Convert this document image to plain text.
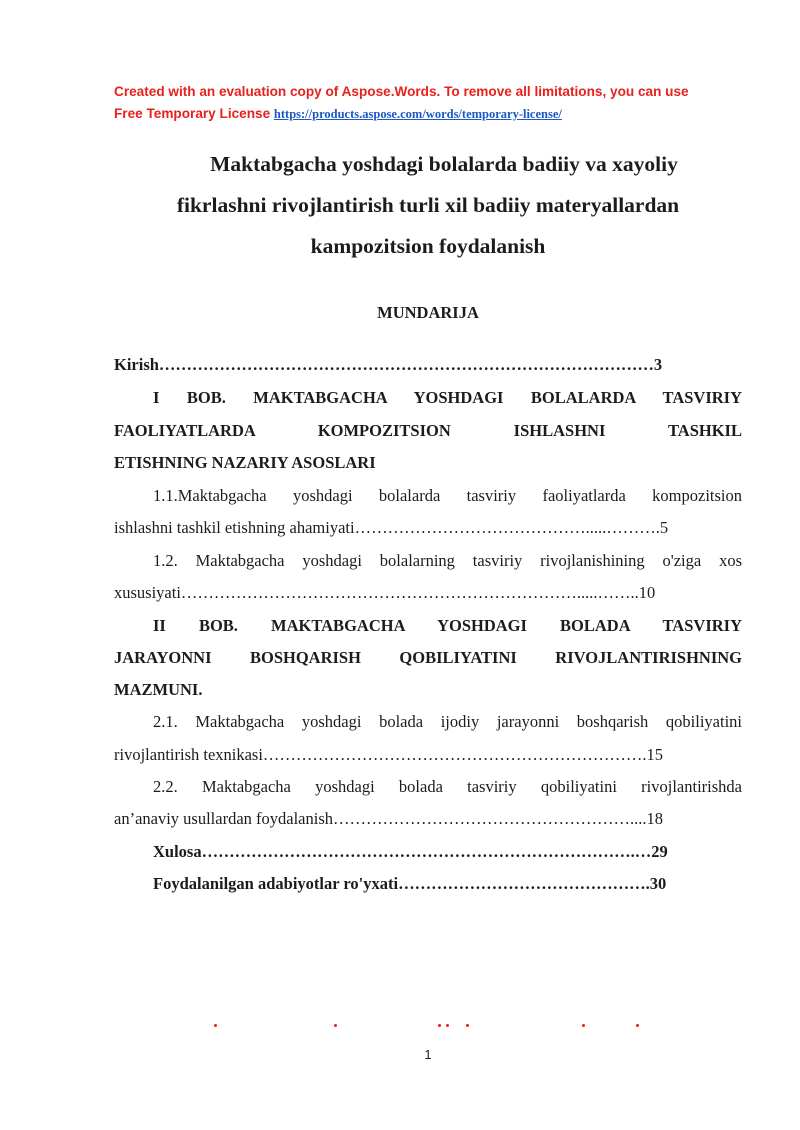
Created with an evaluation copy of Aspose.Words. To remove all limitations, you can use
Free Temporary License https://products.aspose.com/words/temporary-license/
Maktabgacha yoshdagi bolalarda badiiy va xayoliy
fikrlashni rivojlantirish turli xil badiiy materyallardan
kampozitsion foydalanish
MUNDARIJA
Kirish………………………………………………………………………………3
I BOB. MAKTABGACHA YOSHDAGI BOLALARDA TASVIRIY
FAOLIYATLARDA KOMPOZITSION ISHLASHNI TASHKIL
ETISHNING NAZARIY ASOSLARI
1.1.Maktabgacha yoshdagi bolalarda tasviriy faoliyatlarda kompozitsion
ishlashni tashkil etishning ahamiyati…………………………………….....……….5
1.2. Maktabgacha yoshdagi bolalarning tasviriy rivojlanishining o'ziga xos
xususiyati……………………………………………………………….....……..10
II BOB. MAKTABGACHA YOSHDAGI BOLADA TASVIRIY
JARAYONNI BOSHQARISH QOBILIYATINI RIVOJLANTIRISHNING
MAZMUNI.
2.1. Maktabgacha yoshdagi bolada ijodiy jarayonni boshqarish qobiliyatini
rivojlantirish texnikasi…………………………………………………………….15
2.2. Maktabgacha yoshdagi bolada tasviriy qobiliyatini rivojlantirishda
an’anaviy usullardan foydalanish………………………………………………....18
Xulosa…………………………………………………………………….…29
Foydalanilgan adabiyotlar ro'yxati……………………………………….30
1
